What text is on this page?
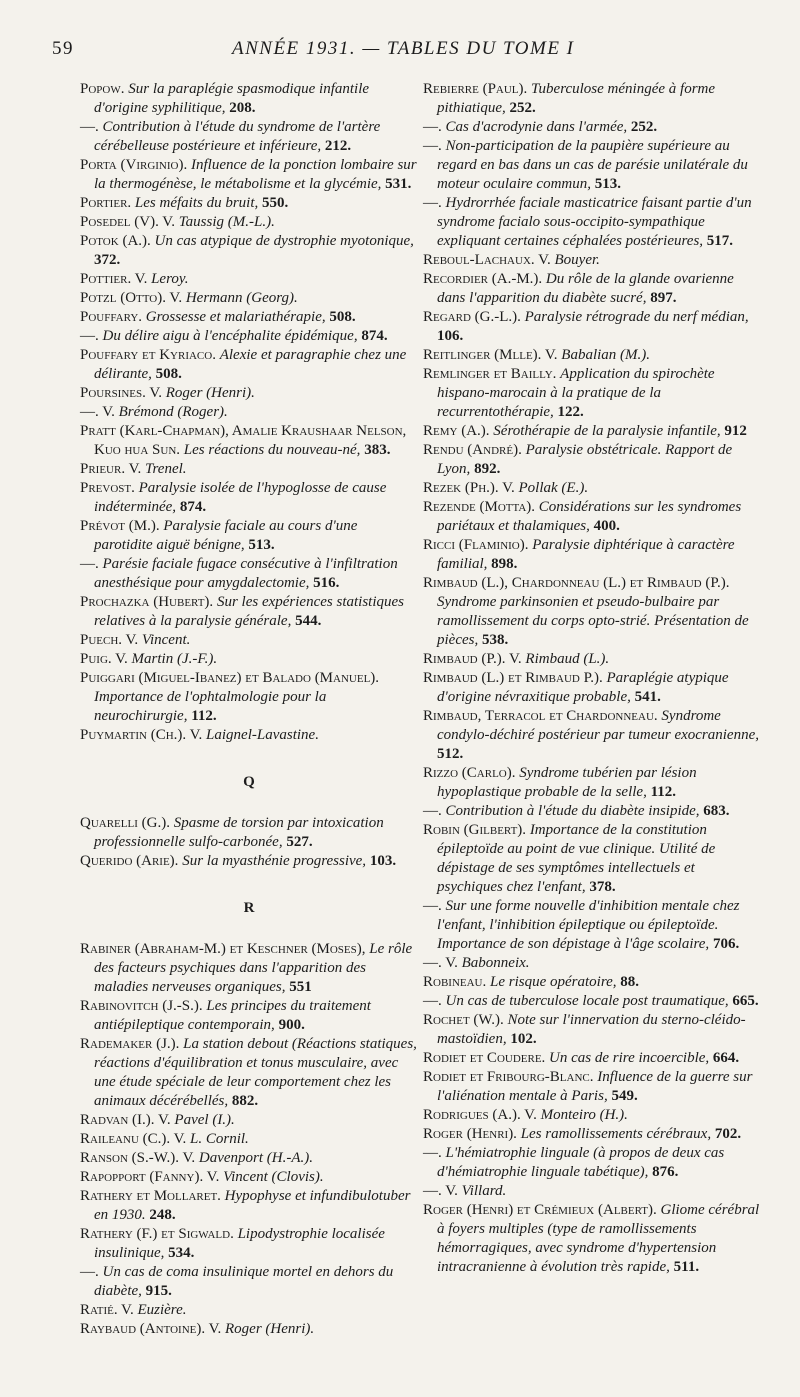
59	ANNÉE 1931. — TABLES DU TOME I
Popow. Sur la paraplégie spasmodique infantile d'origine syphilitique, 208.
—. Contribution à l'étude du syndrome de l'artère cérébelleuse postérieure et inférieure, 212.
Porta (Virginio). Influence de la ponction lombaire sur la thermogénèse, le métabolisme et la glycémie, 531.
Portier. Les méfaits du bruit, 550.
Posedel (V). V. Taussig (M.-L.).
Potok (A.). Un cas atypique de dystrophie myotonique, 372.
Pottier. V. Leroy.
Potzl (Otto). V. Hermann (Georg).
Pouffary. Grossesse et malariathérapie, 508.
—. Du délire aigu à l'encéphalite épidémique, 874.
Pouffary et Kyriaco. Alexie et paragraphie chez une délirante, 508.
Poursines. V. Roger (Henri).
—. V. Brémond (Roger).
Pratt (Karl-Chapman), Amalie Kraushaar Nelson, Kuo hua Sun. Les réactions du nouveau-né, 383.
Prieur. V. Trenel.
Prevost. Paralysie isolée de l'hypoglosse de cause indéterminée, 874.
Prévot (M.). Paralysie faciale au cours d'une parotidite aiguë bénigne, 513.
—. Parésie faciale fugace consécutive à l'infiltration anesthésique pour amygdalectomie, 516.
Prochazka (Hubert). Sur les expériences statistiques relatives à la paralysie générale, 544.
Puech. V. Vincent.
Puig. V. Martin (J.-F.).
Puiggari (Miguel-Ibanez) et Balado (Manuel). Importance de l'ophtalmologie pour la neurochirurgie, 112.
Puymartin (Ch.). V. Laignel-Lavastine.
Q
Quarelli (G.). Spasme de torsion par intoxication professionnelle sulfo-carbonée, 527.
Querido (Arie). Sur la myasthénie progressive, 103.
R
Rabiner (Abraham-M.) et Keschner (Moses), Le rôle des facteurs psychiques dans l'apparition des maladies nerveuses organiques, 551
Rabinovitch (J.-S.). Les principes du traitement antiépileptique contemporain, 900.
Rademaker (J.). La station debout (Réactions statiques, réactions d'équilibration et tonus musculaire, avec une étude spéciale de leur comportement chez les animaux décérébellés, 882.
Radvan (I.). V. Pavel (I.).
Raileanu (C.). V. L. Cornil.
Ranson (S.-W.). V. Davenport (H.-A.).
Rapopport (Fanny). V. Vincent (Clovis).
Rathery et Mollaret. Hypophyse et infundibulotuber en 1930. 248.
Rathery (F.) et Sigwald. Lipodystrophie localisée insulinique, 534.
—. Un cas de coma insulinique mortel en dehors du diabète, 915.
Ratié. V. Euzière.
Raybaud (Antoine). V. Roger (Henri).
Rebierre (Paul). Tuberculose méningée à forme pithiatique, 252.
—. Cas d'acrodynie dans l'armée, 252.
—. Non-participation de la paupière supérieure au regard en bas dans un cas de parésie unilatérale du moteur oculaire commun, 513.
—. Hydrorrhée faciale masticatrice faisant partie d'un syndrome facialo sous-occipito-sympathique expliquant certaines céphalées postérieures, 517.
Reboul-Lachaux. V. Bouyer.
Recordier (A.-M.). Du rôle de la glande ovarienne dans l'apparition du diabète sucré, 897.
Regard (G.-L.). Paralysie rétrograde du nerf médian, 106.
Reitlinger (Mlle). V. Babalian (M.).
Remlinger et Bailly. Application du spirochète hispano-marocain à la pratique de la recurrentothérapie, 122.
Remy (A.). Sérothérapie de la paralysie infantile, 912
Rendu (André). Paralysie obstétricale. Rapport de Lyon, 892.
Rezek (Ph.). V. Pollak (E.).
Rezende (Motta). Considérations sur les syndromes pariétaux et thalamiques, 400.
Ricci (Flaminio). Paralysie diphtérique à caractère familial, 898.
Rimbaud (L.), Chardonneau (L.) et Rimbaud (P.). Syndrome parkinsonien et pseudo-bulbaire par ramollissement du corps opto-strié. Présentation de pièces, 538.
Rimbaud (P.). V. Rimbaud (L.).
Rimbaud (L.) et Rimbaud P.). Paraplégie atypique d'origine névraxitique probable, 541.
Rimbaud, Terracol et Chardonneau. Syndrome condylo-déchiré postérieur par tumeur exocranienne, 512.
Rizzo (Carlo). Syndrome tubérien par lésion hypoplastique probable de la selle, 112.
—. Contribution à l'étude du diabète insipide, 683.
Robin (Gilbert). Importance de la constitution épileptoïde au point de vue clinique. Utilité de dépistage de ses symptômes intellectuels et psychiques chez l'enfant, 378.
—. Sur une forme nouvelle d'inhibition mentale chez l'enfant, l'inhibition épileptique ou épileptoïde. Importance de son dépistage à l'âge scolaire, 706.
—. V. Babonneix.
Robineau. Le risque opératoire, 88.
—. Un cas de tuberculose locale post traumatique, 665.
Rochet (W.). Note sur l'innervation du sterno-cléido-mastoïdien, 102.
Rodiet et Coudere. Un cas de rire incoercible, 664.
Rodiet et Fribourg-Blanc. Influence de la guerre sur l'aliénation mentale à Paris, 549.
Rodrigues (A.). V. Monteiro (H.).
Roger (Henri). Les ramollissements cérébraux, 702.
—. L'hémiatrophie linguale (à propos de deux cas d'hémiatrophie linguale tabétique), 876.
—. V. Villard.
Roger (Henri) et Crémieux (Albert). Gliome cérébral à foyers multiples (type de ramollissements hémorragiques, avec syndrome d'hypertension intracranienne à évolution très rapide, 511.
